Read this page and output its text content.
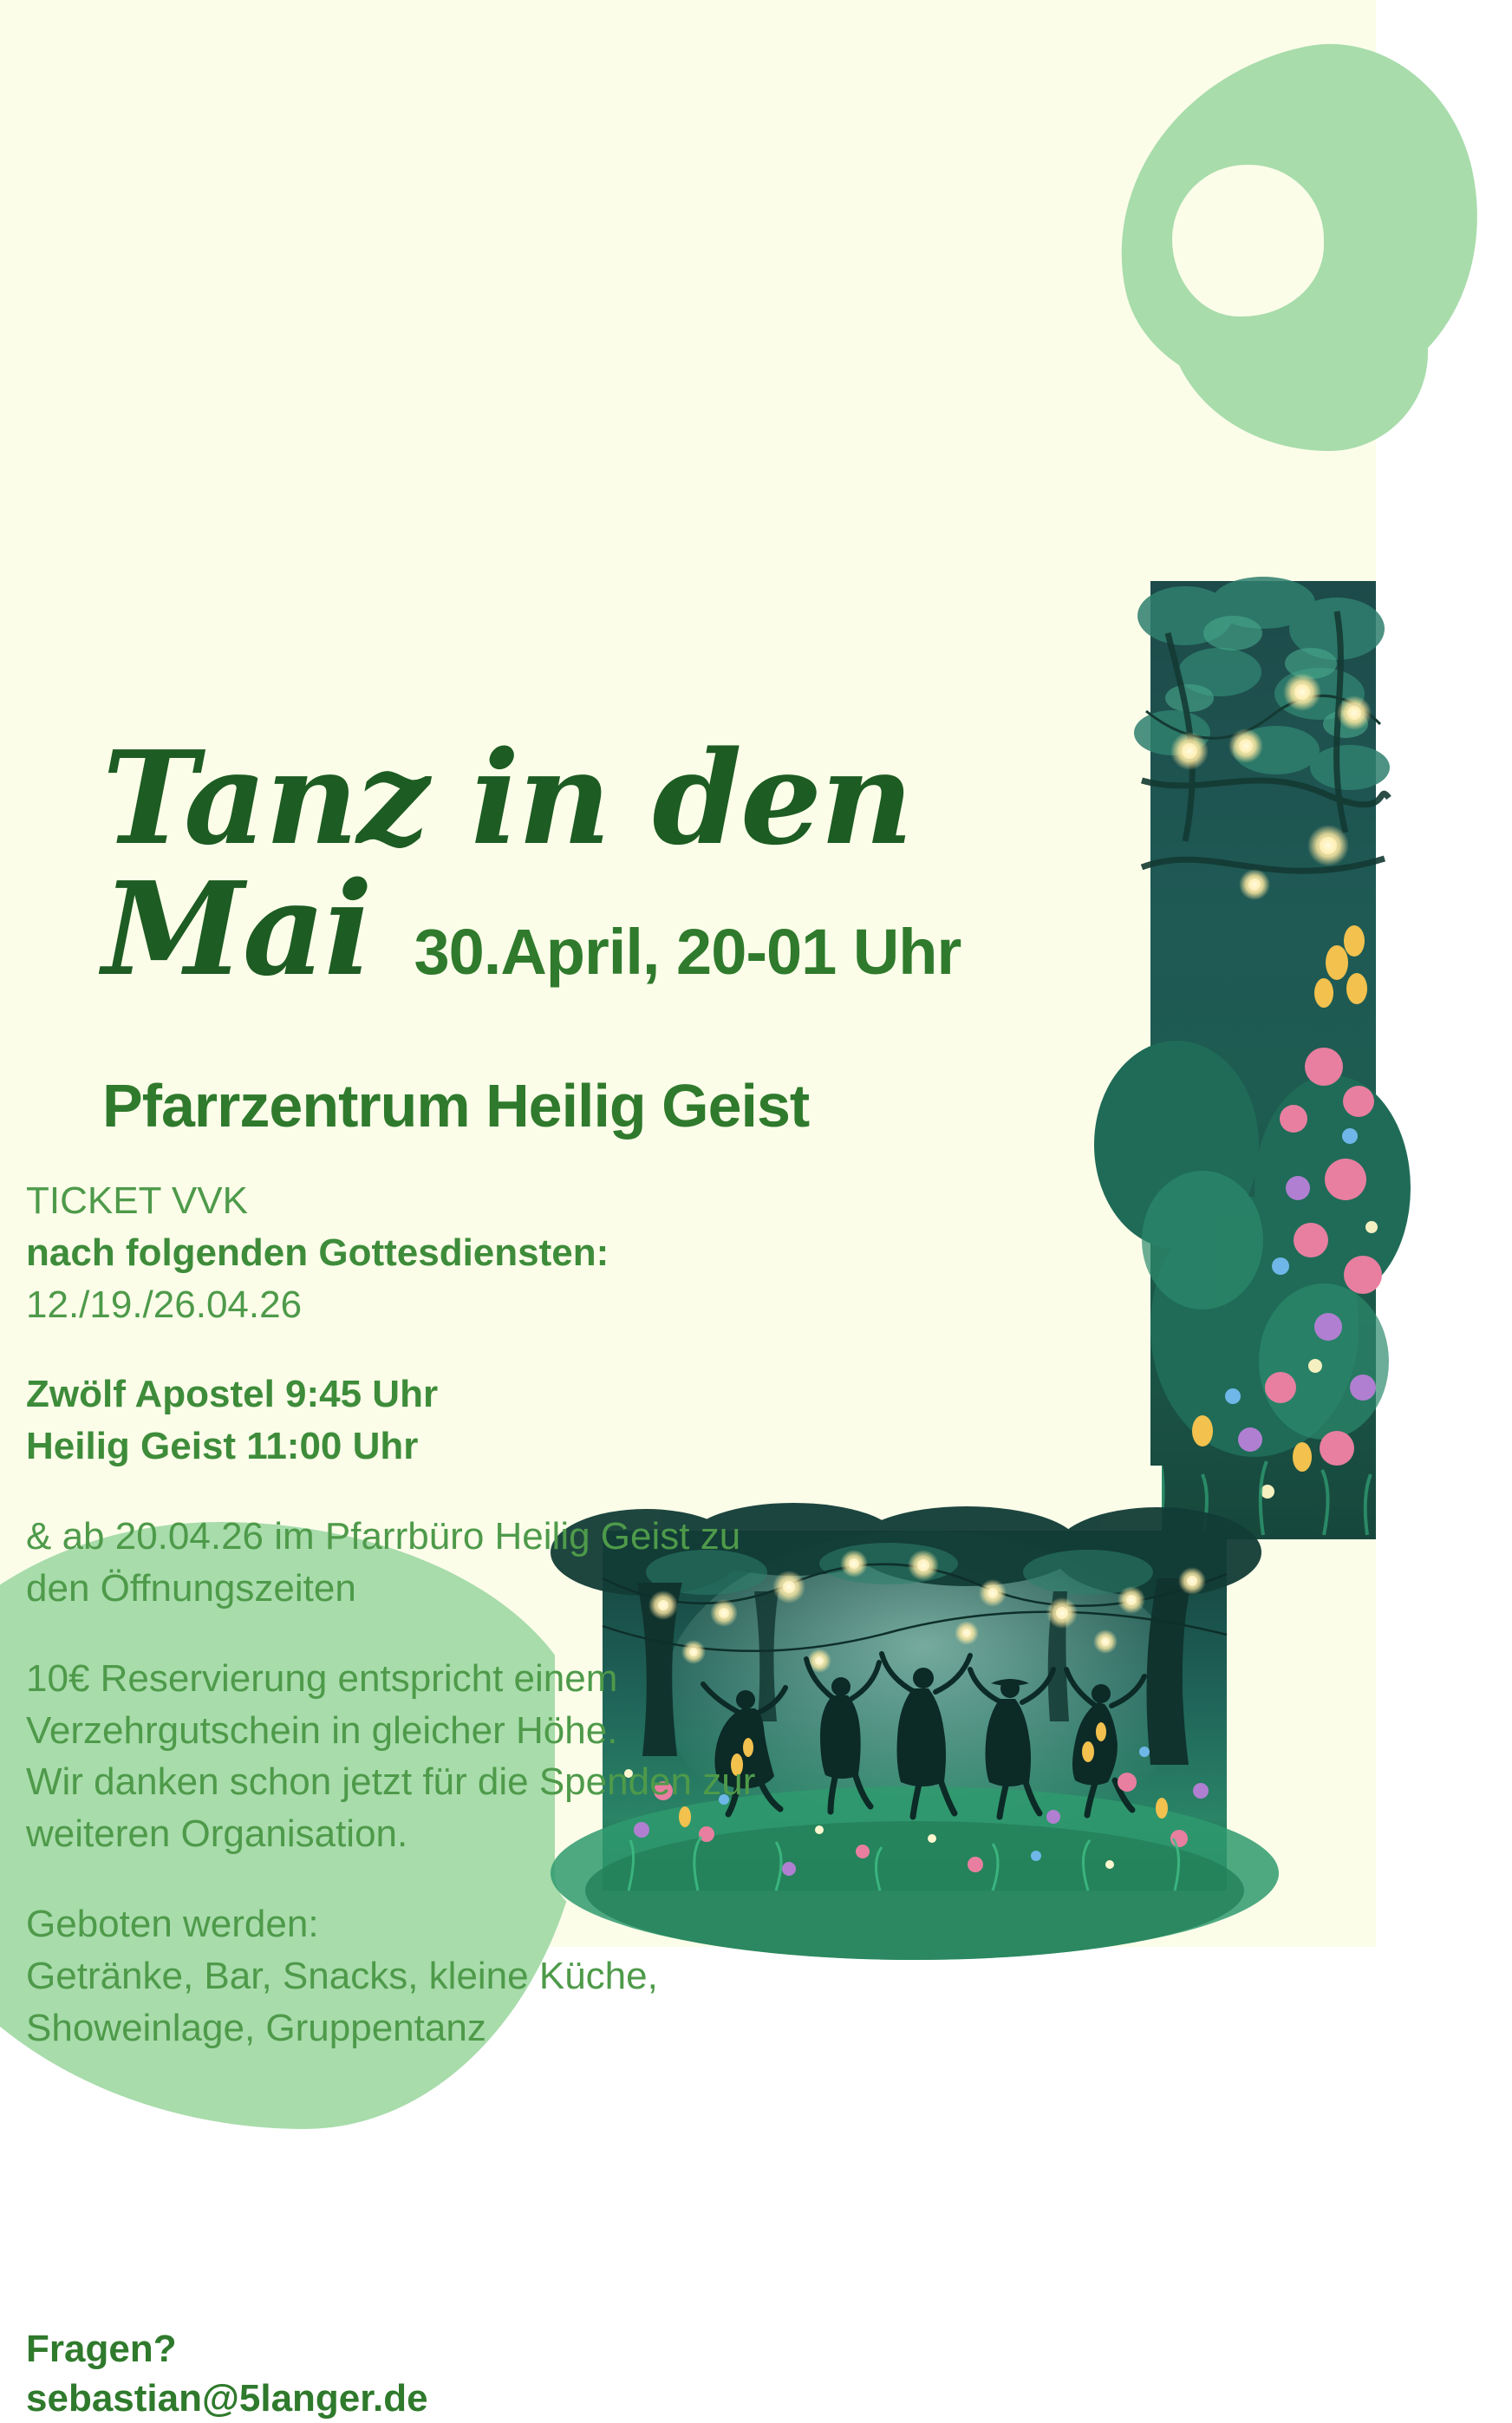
Tanz in den
Mai 30.April, 20-01 Uhr
Pfarrzentrum Heilig Geist

TICKET VVK

nach folgenden Gottesdiensten:

12./19./26.04.26

Zwölf Apostel 9:45 Uhr

Heilig Geist 11:00 Uhr

& ab 20.04.26 im Pfarrbüro Heilig Geist zu

den Öffnungszeiten

10€ Reservierung entspricht einem

Verzehrgutschein in gleicher Höhe.

Wir danken schon jetzt für die Spenden zur

weiteren Organisation.

Geboten werden:

Getränke, Bar, Snacks, kleine Küche,

Showeinlage, Gruppentanz

Fragen?
sebastian@5langer.de
